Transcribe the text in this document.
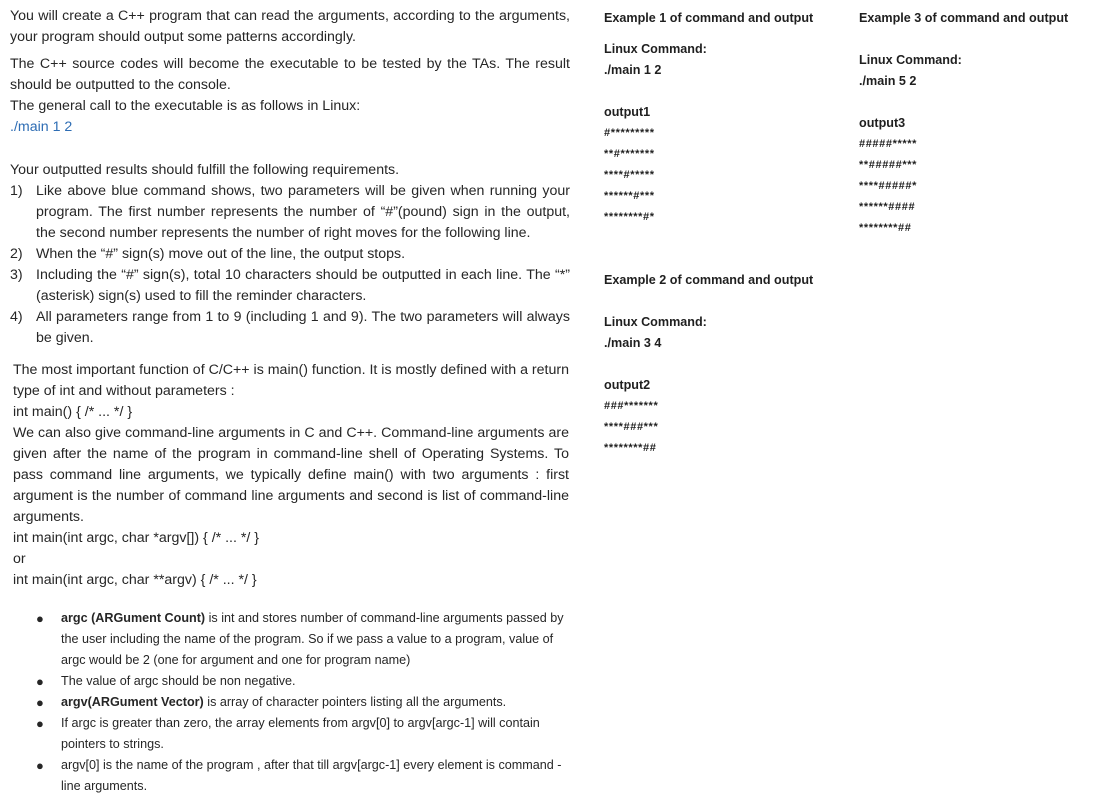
You will create a C++ program that can read the arguments, according to the arguments, your program should output some patterns accordingly.

The C++ source codes will become the executable to be tested by the TAs. The result should be outputted to the console.

The general call to the executable is as follows in Linux:

./main 1 2

Your outputted results should fulfill the following requirements.

1) Like above blue command shows, two parameters will be given when running your program. The first number represents the number of “#”(pound) sign in the output, the second number represents the number of right moves for the following line.
2) When the “#” sign(s) move out of the line, the output stops.
3) Including the “#” sign(s), total 10 characters should be outputted in each line. The “*” (asterisk) sign(s) used to fill the reminder characters.
4) All parameters range from 1 to 9 (including 1 and 9). The two parameters will always be given.

The most important function of C/C++ is main() function. It is mostly defined with a return type of int and without parameters :

int main() { /* ... */ }

We can also give command-line arguments in C and C++. Command-line arguments are given after the name of the program in command-line shell of Operating Systems. To pass command line arguments, we typically define main() with two arguments : first argument is the number of command line arguments and second is list of command-line arguments.

int main(int argc, char *argv[]) { /* ... */ }

or

int main(int argc, char **argv) { /* ... */ }

● argc (ARGument Count) is int and stores number of command-line arguments passed by the user including the name of the program. So if we pass a value to a program, value of argc would be 2 (one for argument and one for program name)
● The value of argc should be non negative.
● argv(ARGument Vector) is array of character pointers listing all the arguments.
● If argc is greater than zero, the array elements from argv[0] to argv[argc-1] will contain pointers to strings.
● argv[0] is the name of the program , after that till argv[argc-1] every element is command -line arguments.
Example 1 of command and output
Linux Command:
./main 1 2
output1
#*********
**#*******
****#*****
******#***
********#*
Example 2 of command and output
Linux Command:
./main 3 4
output2
###*******
****###***
********##
Example 3 of command and output
Linux Command:
./main 5 2
output3
#####*****
**#####***
****#####*
******####
********##
